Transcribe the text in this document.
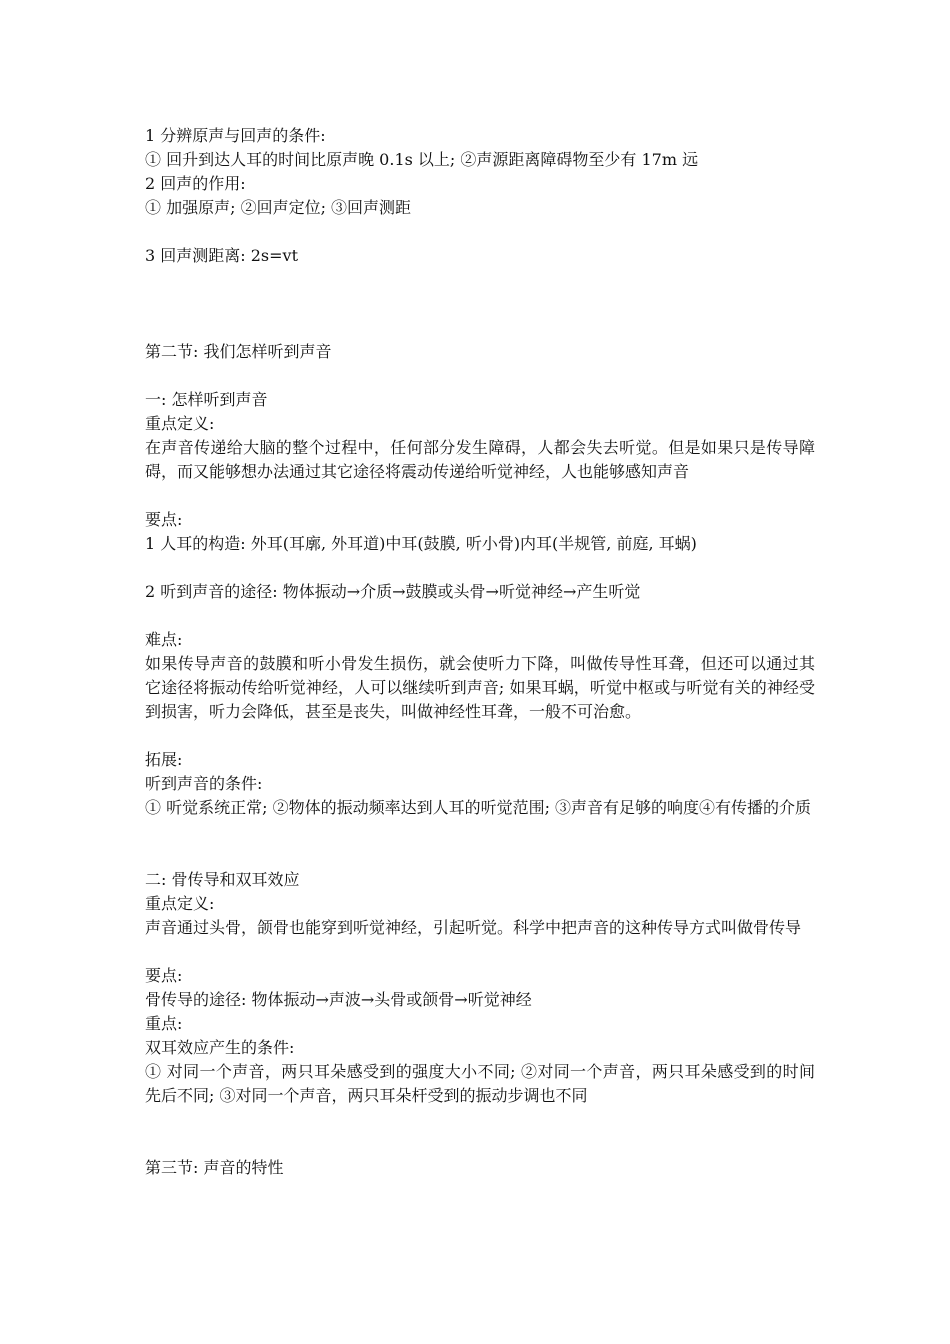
1 分辨原声与回声的条件:
① 回升到达人耳的时间比原声晚 0.1s 以上; ②声源距离障碍物至少有 17m 远
2 回声的作用:
① 加强原声; ②回声定位; ③回声测距
3 回声测距离: 2s=vt
第二节: 我们怎样听到声音
一: 怎样听到声音
重点定义:
在声音传递给大脑的整个过程中，任何部分发生障碍，人都会失去听觉。但是如果只是传导障碍，而又能够想办法通过其它途径将震动传递给听觉神经，人也能够感知声音
要点:
1 人耳的构造: 外耳(耳廓, 外耳道)中耳(鼓膜, 听小骨)内耳(半规管, 前庭, 耳蜗)
2 听到声音的途径: 物体振动→介质→鼓膜或头骨→听觉神经→产生听觉
难点:
如果传导声音的鼓膜和听小骨发生损伤，就会使听力下降，叫做传导性耳聋，但还可以通过其它途径将振动传给听觉神经，人可以继续听到声音; 如果耳蜗，听觉中枢或与听觉有关的神经受到损害，听力会降低，甚至是丧失，叫做神经性耳聋，一般不可治愈。
拓展:
听到声音的条件:
① 听觉系统正常; ②物体的振动频率达到人耳的听觉范围; ③声音有足够的响度④有传播的介质
二: 骨传导和双耳效应
重点定义:
声音通过头骨，颌骨也能穿到听觉神经，引起听觉。科学中把声音的这种传导方式叫做骨传导
要点:
骨传导的途径: 物体振动→声波→头骨或颌骨→听觉神经
重点:
双耳效应产生的条件:
① 对同一个声音，两只耳朵感受到的强度大小不同; ②对同一个声音，两只耳朵感受到的时间先后不同; ③对同一个声音，两只耳朵杆受到的振动步调也不同
第三节: 声音的特性
